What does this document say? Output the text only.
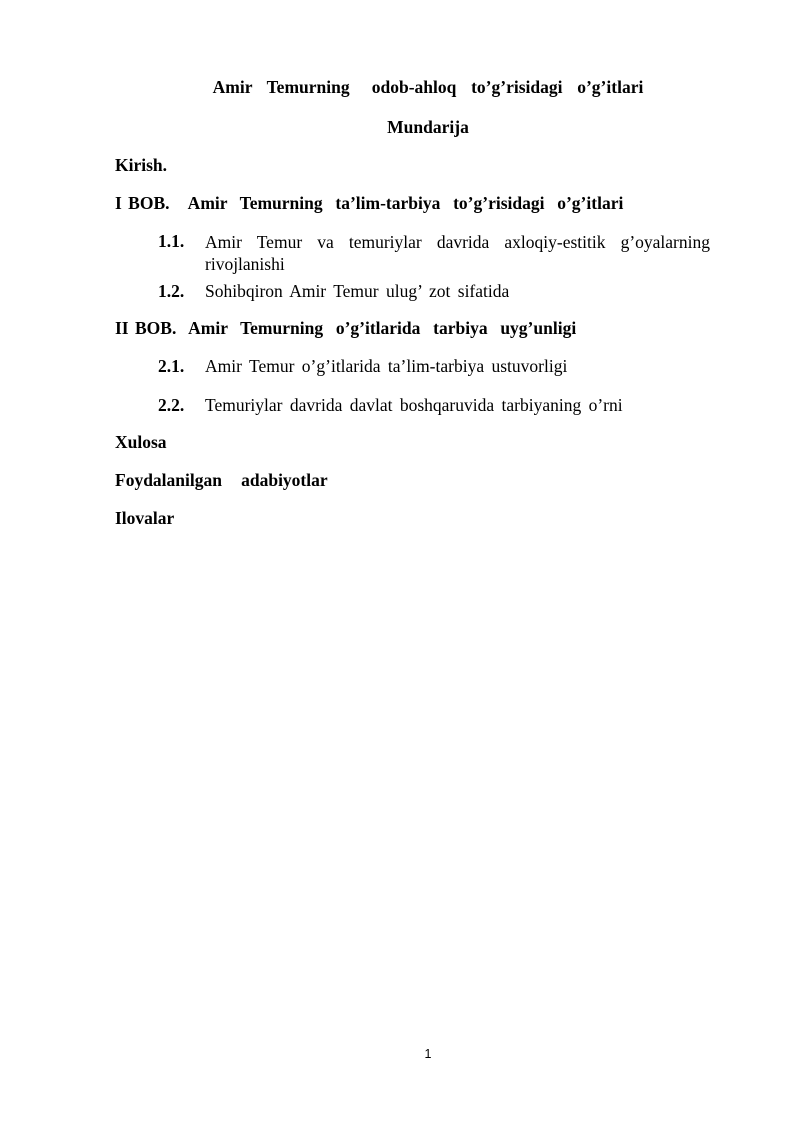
Amir  Temurning   odob-ahloq  to’g’risidagi  o’g’itlari

Mundarija

Kirish.

I BOB.   Amir  Temurning  ta’lim-tarbiya  to’g’risidagi  o’g’itlari

1.1.	Amir Temur va temuriylar davrida axloqiy-estitik g’oyalarning rivojlanishi
1.2.	Sohibqiron Amir Temur ulug’ zot sifatida

II BOB.  Amir  Temurning  o’g’itlarida  tarbiya  uyg’unligi

2.1.	Amir Temur o’g’itlarida ta’lim-tarbiya ustuvorligi
2.2.	Temuriylar davrida davlat boshqaruvida tarbiyaning o’rni

Xulosa

Foydalanilgan   adabiyotlar

Ilovalar

1
